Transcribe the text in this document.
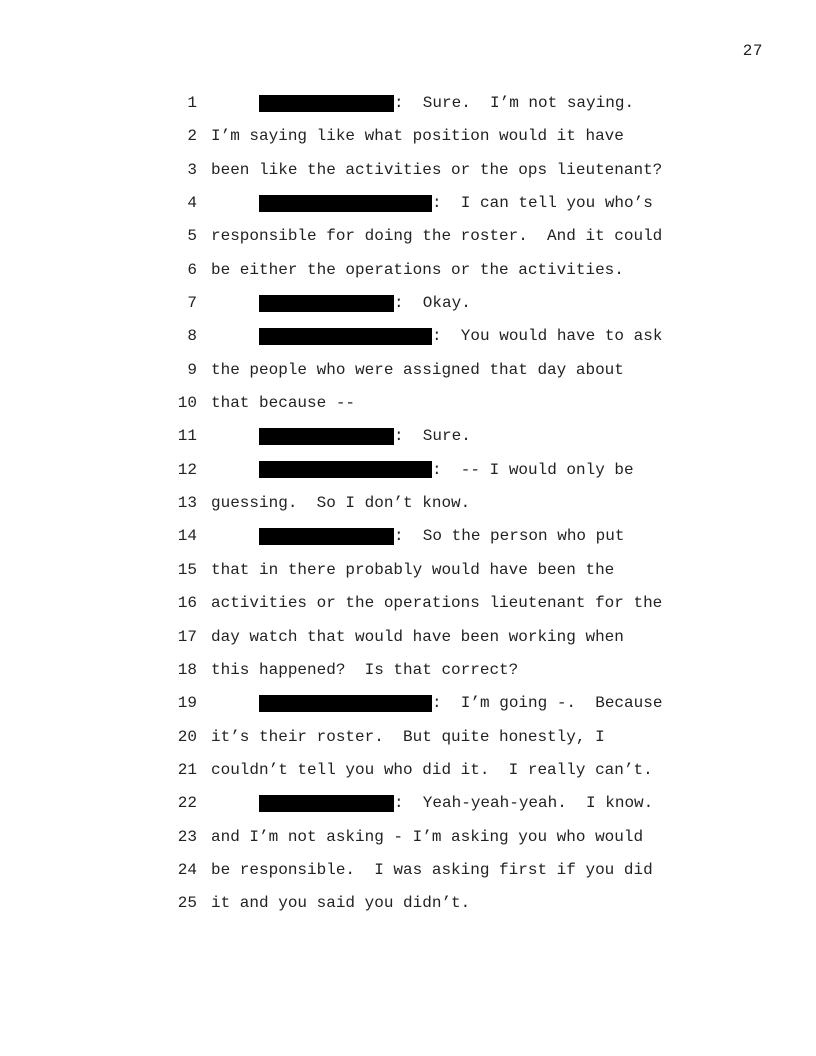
27
1	:  Sure.  I’m not saying.
2 I’m saying like what position would it have
3 been like the activities or the ops lieutenant?
4	:  I can tell you who’s
5 responsible for doing the roster.  And it could
6 be either the operations or the activities.
7	:  Okay.
8	:  You would have to ask
9 the people who were assigned that day about
10 that because --
11	:  Sure.
12	:  -- I would only be
13 guessing.  So I don’t know.
14	:  So the person who put
15 that in there probably would have been the
16 activities or the operations lieutenant for the
17 day watch that would have been working when
18 this happened?  Is that correct?
19	:  I’m going -.  Because
20 it’s their roster.  But quite honestly, I
21 couldn’t tell you who did it.  I really can’t.
22	:  Yeah-yeah-yeah.  I know.
23 and I’m not asking - I’m asking you who would
24 be responsible.  I was asking first if you did
25 it and you said you didn’t.
